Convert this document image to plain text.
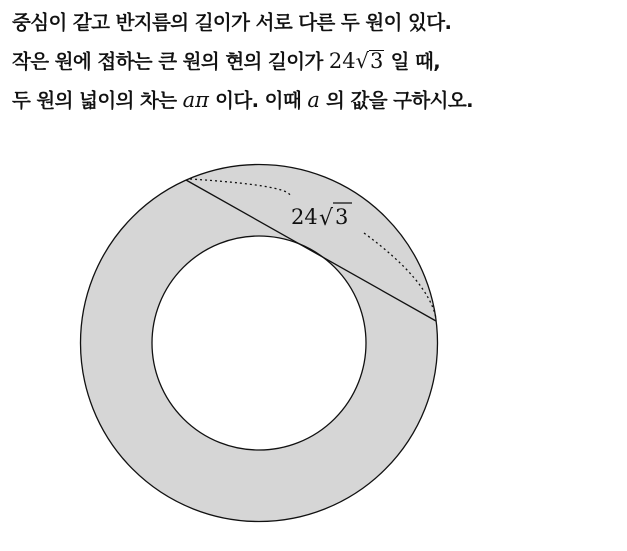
중심이 같고 반지름의 길이가 서로 다른 두 원이 있다.
작은 원에 접하는 큰 원의 현의 길이가 24√3 일 때,
두 원의 넓이의 차는 aπ 이다. 이때 a 의 값을 구하시오.
24 √ 3
